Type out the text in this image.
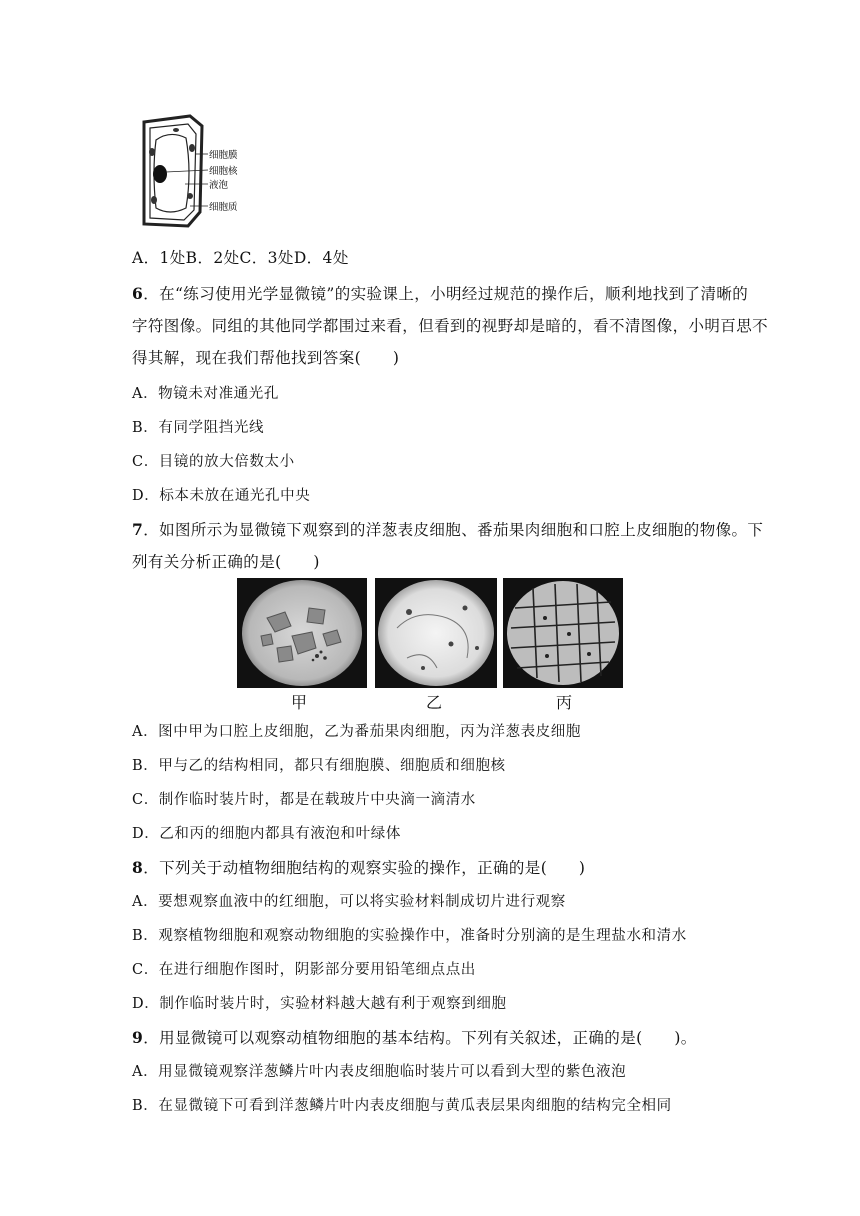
细胞膜
细胞核
液泡
细胞质
A．1处B．2处C．3处D．4处
6．在“练习使用光学显微镜”的实验课上，小明经过规范的操作后，顺利地找到了清晰的
字符图像。同组的其他同学都围过来看，但看到的视野却是暗的，看不清图像，小明百思不
得其解，现在我们帮他找到答案(　　)
A．物镜未对准通光孔
B．有同学阻挡光线
C．目镜的放大倍数太小
D．标本未放在通光孔中央
7．如图所示为显微镜下观察到的洋葱表皮细胞、番茄果肉细胞和口腔上皮细胞的物像。下
列有关分析正确的是(　　)
甲	乙	丙
A．图中甲为口腔上皮细胞，乙为番茄果肉细胞，丙为洋葱表皮细胞
B．甲与乙的结构相同，都只有细胞膜、细胞质和细胞核
C．制作临时装片时，都是在载玻片中央滴一滴清水
D．乙和丙的细胞内都具有液泡和叶绿体
8．下列关于动植物细胞结构的观察实验的操作，正确的是(　　)
A．要想观察血液中的红细胞，可以将实验材料制成切片进行观察
B．观察植物细胞和观察动物细胞的实验操作中，准备时分别滴的是生理盐水和清水
C．在进行细胞作图时，阴影部分要用铅笔细点点出
D．制作临时装片时，实验材料越大越有利于观察到细胞
9．用显微镜可以观察动植物细胞的基本结构。下列有关叙述，正确的是(　　)。
A．用显微镜观察洋葱鳞片叶内表皮细胞临时装片可以看到大型的紫色液泡
B．在显微镜下可看到洋葱鳞片叶内表皮细胞与黄瓜表层果肉细胞的结构完全相同
